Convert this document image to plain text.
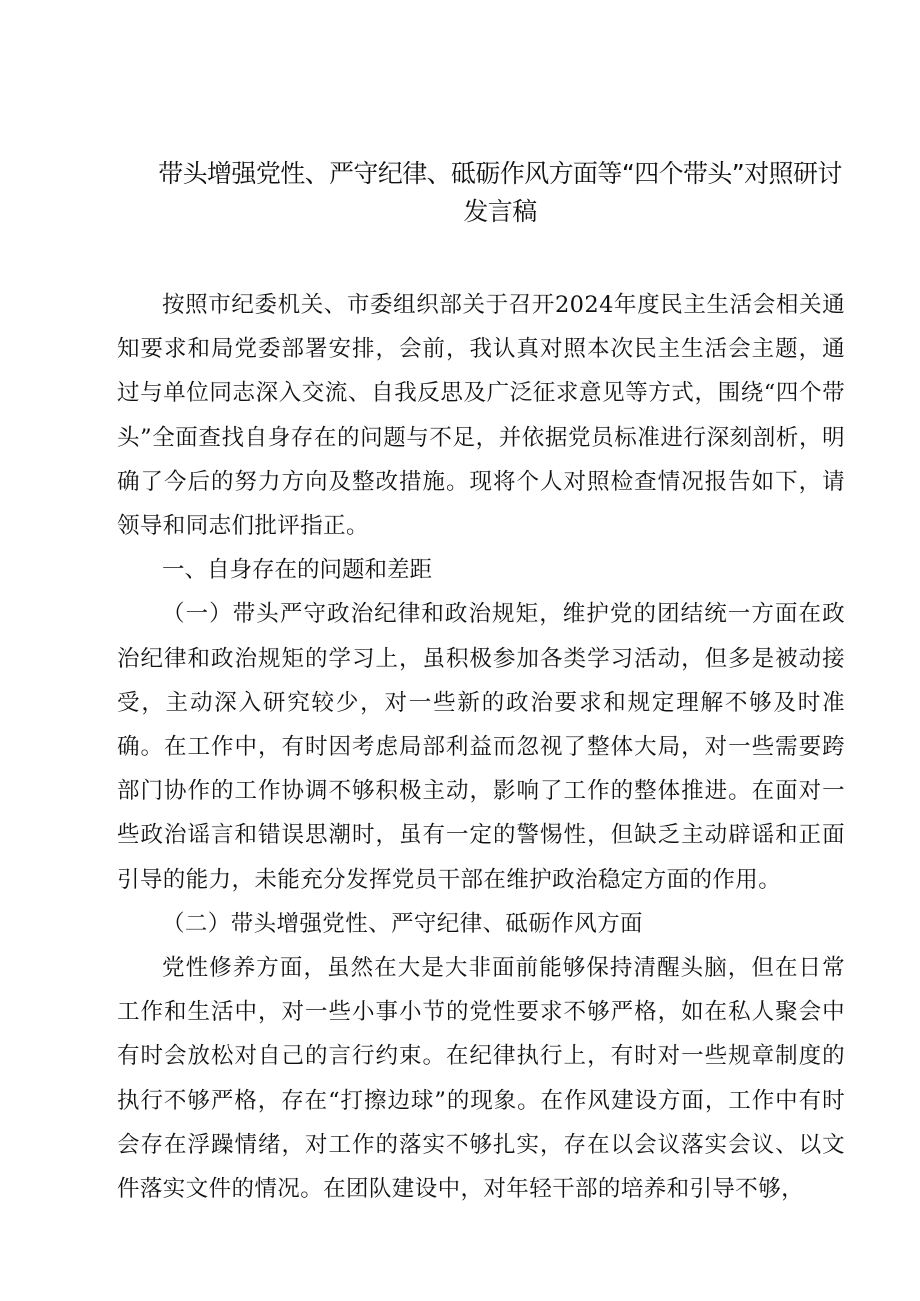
带头增强党性、严守纪律、砥砺作风方面等“四个带头”对照研讨
发言稿

按照市纪委机关、市委组织部关于召开2024年度民主生活会相关通知要求和局党委部署安排，会前，我认真对照本次民主生活会主题，通过与单位同志深入交流、自我反思及广泛征求意见等方式，围绕“四个带头”全面查找自身存在的问题与不足，并依据党员标准进行深刻剖析，明确了今后的努力方向及整改措施。现将个人对照检查情况报告如下，请领导和同志们批评指正。

一、自身存在的问题和差距

（一）带头严守政治纪律和政治规矩，维护党的团结统一方面在政治纪律和政治规矩的学习上，虽积极参加各类学习活动，但多是被动接受，主动深入研究较少，对一些新的政治要求和规定理解不够及时准确。在工作中，有时因考虑局部利益而忽视了整体大局，对一些需要跨部门协作的工作协调不够积极主动，影响了工作的整体推进。在面对一些政治谣言和错误思潮时，虽有一定的警惕性，但缺乏主动辟谣和正面引导的能力，未能充分发挥党员干部在维护政治稳定方面的作用。

（二）带头增强党性、严守纪律、砥砺作风方面

党性修养方面，虽然在大是大非面前能够保持清醒头脑，但在日常工作和生活中，对一些小事小节的党性要求不够严格，如在私人聚会中有时会放松对自己的言行约束。在纪律执行上，有时对一些规章制度的执行不够严格，存在“打擦边球”的现象。在作风建设方面，工作中有时会存在浮躁情绪，对工作的落实不够扎实，存在以会议落实会议、以文件落实文件的情况。在团队建设中，对年轻干部的培养和引导不够，
